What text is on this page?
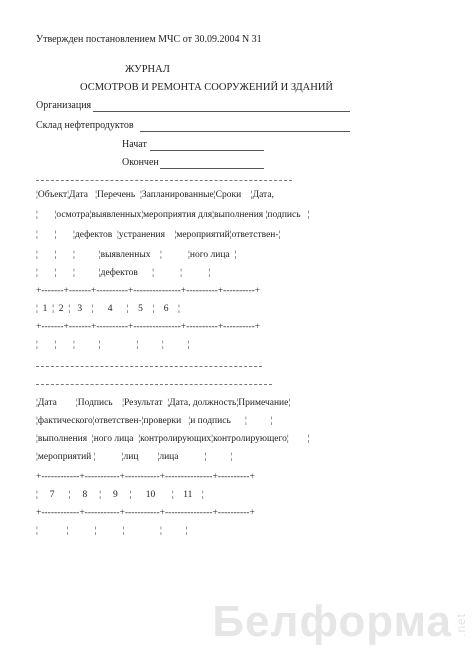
Утвержден постановлением МЧС от 30.09.2004 N 31
ЖУРНАЛ
ОСМОТРОВ И РЕМОНТА СООРУЖЕНИЙ И ЗДАНИЙ
Организация
Склад нефтепродуктов
Начат
Окончен
¦Объект¦Дата   ¦Перечень  ¦Запланированные¦Сроки    ¦Дата,
¦       ¦осмотра¦выявленных¦мероприятия для¦выполнения ¦подпись   ¦
¦       ¦       ¦дефектов  ¦устранения    ¦мероприятий¦ответствен-¦
¦       ¦       ¦          ¦выявленных    ¦           ¦ного лица  ¦
¦       ¦       ¦          ¦дефектов      ¦           ¦           ¦
+-------+-------+----------+---------------+----------+----------+
¦  1  ¦  2  ¦   3    ¦      4      ¦    5    ¦    6    ¦
+-------+-------+----------+---------------+----------+----------+
¦       ¦       ¦          ¦               ¦          ¦          ¦
¦Дата        ¦Подпись    ¦Результат  ¦Дата, должность¦Примечание¦
¦фактического¦ответствен-¦проверки   ¦и подпись      ¦          ¦
¦выполнения  ¦ного лица  ¦контролирующих¦контролирующего¦        ¦
¦мероприятий ¦           ¦лиц        ¦лица           ¦          ¦
+------------+-----------+-----------+---------------+----------+
¦     7      ¦     8     ¦     9     ¦      10       ¦    11    ¦
+------------+-----------+-----------+---------------+----------+
¦            ¦           ¦           ¦               ¦          ¦
Белформа .net
